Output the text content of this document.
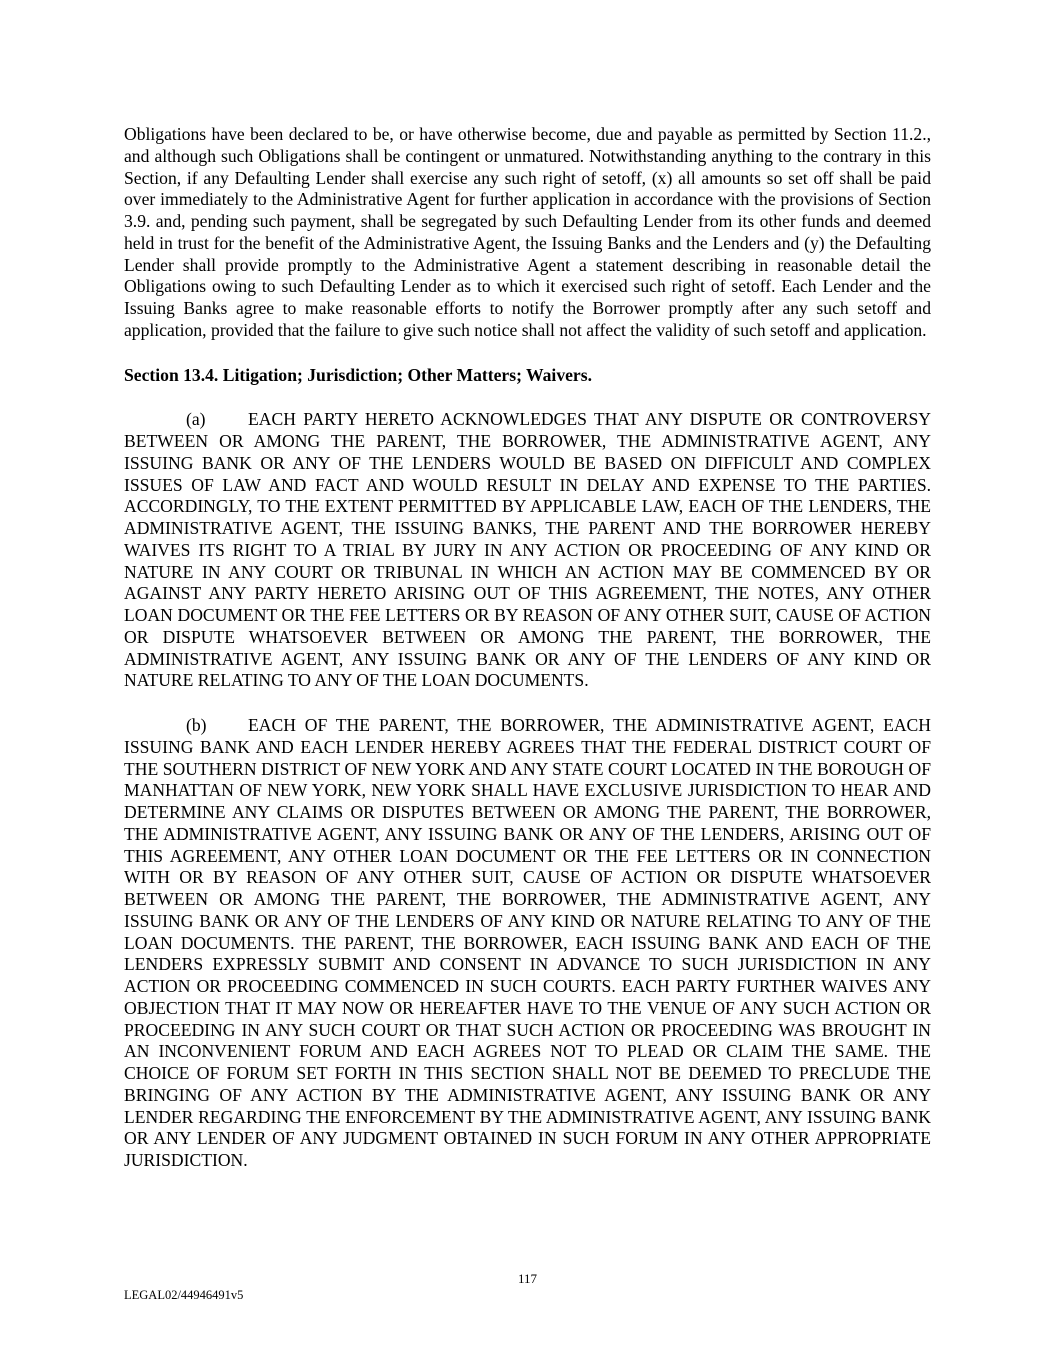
Obligations have been declared to be, or have otherwise become, due and payable as permitted by Section 11.2., and although such Obligations shall be contingent or unmatured. Notwithstanding anything to the contrary in this Section, if any Defaulting Lender shall exercise any such right of setoff, (x) all amounts so set off shall be paid over immediately to the Administrative Agent for further application in accordance with the provisions of Section 3.9. and, pending such payment, shall be segregated by such Defaulting Lender from its other funds and deemed held in trust for the benefit of the Administrative Agent, the Issuing Banks and the Lenders and (y) the Defaulting Lender shall provide promptly to the Administrative Agent a statement describing in reasonable detail the Obligations owing to such Defaulting Lender as to which it exercised such right of setoff. Each Lender and the Issuing Banks agree to make reasonable efforts to notify the Borrower promptly after any such setoff and application, provided that the failure to give such notice shall not affect the validity of such setoff and application.

Section 13.4. Litigation; Jurisdiction; Other Matters; Waivers.

(a) EACH PARTY HERETO ACKNOWLEDGES THAT ANY DISPUTE OR CONTROVERSY BETWEEN OR AMONG THE PARENT, THE BORROWER, THE ADMINISTRATIVE AGENT, ANY ISSUING BANK OR ANY OF THE LENDERS WOULD BE BASED ON DIFFICULT AND COMPLEX ISSUES OF LAW AND FACT AND WOULD RESULT IN DELAY AND EXPENSE TO THE PARTIES. ACCORDINGLY, TO THE EXTENT PERMITTED BY APPLICABLE LAW, EACH OF THE LENDERS, THE ADMINISTRATIVE AGENT, THE ISSUING BANKS, THE PARENT AND THE BORROWER HEREBY WAIVES ITS RIGHT TO A TRIAL BY JURY IN ANY ACTION OR PROCEEDING OF ANY KIND OR NATURE IN ANY COURT OR TRIBUNAL IN WHICH AN ACTION MAY BE COMMENCED BY OR AGAINST ANY PARTY HERETO ARISING OUT OF THIS AGREEMENT, THE NOTES, ANY OTHER LOAN DOCUMENT OR THE FEE LETTERS OR BY REASON OF ANY OTHER SUIT, CAUSE OF ACTION OR DISPUTE WHATSOEVER BETWEEN OR AMONG THE PARENT, THE BORROWER, THE ADMINISTRATIVE AGENT, ANY ISSUING BANK OR ANY OF THE LENDERS OF ANY KIND OR NATURE RELATING TO ANY OF THE LOAN DOCUMENTS.

(b) EACH OF THE PARENT, THE BORROWER, THE ADMINISTRATIVE AGENT, EACH ISSUING BANK AND EACH LENDER HEREBY AGREES THAT THE FEDERAL DISTRICT COURT OF THE SOUTHERN DISTRICT OF NEW YORK AND ANY STATE COURT LOCATED IN THE BOROUGH OF MANHATTAN OF NEW YORK, NEW YORK SHALL HAVE EXCLUSIVE JURISDICTION TO HEAR AND DETERMINE ANY CLAIMS OR DISPUTES BETWEEN OR AMONG THE PARENT, THE BORROWER, THE ADMINISTRATIVE AGENT, ANY ISSUING BANK OR ANY OF THE LENDERS, ARISING OUT OF THIS AGREEMENT, ANY OTHER LOAN DOCUMENT OR THE FEE LETTERS OR IN CONNECTION WITH OR BY REASON OF ANY OTHER SUIT, CAUSE OF ACTION OR DISPUTE WHATSOEVER BETWEEN OR AMONG THE PARENT, THE BORROWER, THE ADMINISTRATIVE AGENT, ANY ISSUING BANK OR ANY OF THE LENDERS OF ANY KIND OR NATURE RELATING TO ANY OF THE LOAN DOCUMENTS. THE PARENT, THE BORROWER, EACH ISSUING BANK AND EACH OF THE LENDERS EXPRESSLY SUBMIT AND CONSENT IN ADVANCE TO SUCH JURISDICTION IN ANY ACTION OR PROCEEDING COMMENCED IN SUCH COURTS. EACH PARTY FURTHER WAIVES ANY OBJECTION THAT IT MAY NOW OR HEREAFTER HAVE TO THE VENUE OF ANY SUCH ACTION OR PROCEEDING IN ANY SUCH COURT OR THAT SUCH ACTION OR PROCEEDING WAS BROUGHT IN AN INCONVENIENT FORUM AND EACH AGREES NOT TO PLEAD OR CLAIM THE SAME. THE CHOICE OF FORUM SET FORTH IN THIS SECTION SHALL NOT BE DEEMED TO PRECLUDE THE BRINGING OF ANY ACTION BY THE ADMINISTRATIVE AGENT, ANY ISSUING BANK OR ANY LENDER REGARDING THE ENFORCEMENT BY THE ADMINISTRATIVE AGENT, ANY ISSUING BANK OR ANY LENDER OF ANY JUDGMENT OBTAINED IN SUCH FORUM IN ANY OTHER APPROPRIATE JURISDICTION.

117
LEGAL02/44946491v5
